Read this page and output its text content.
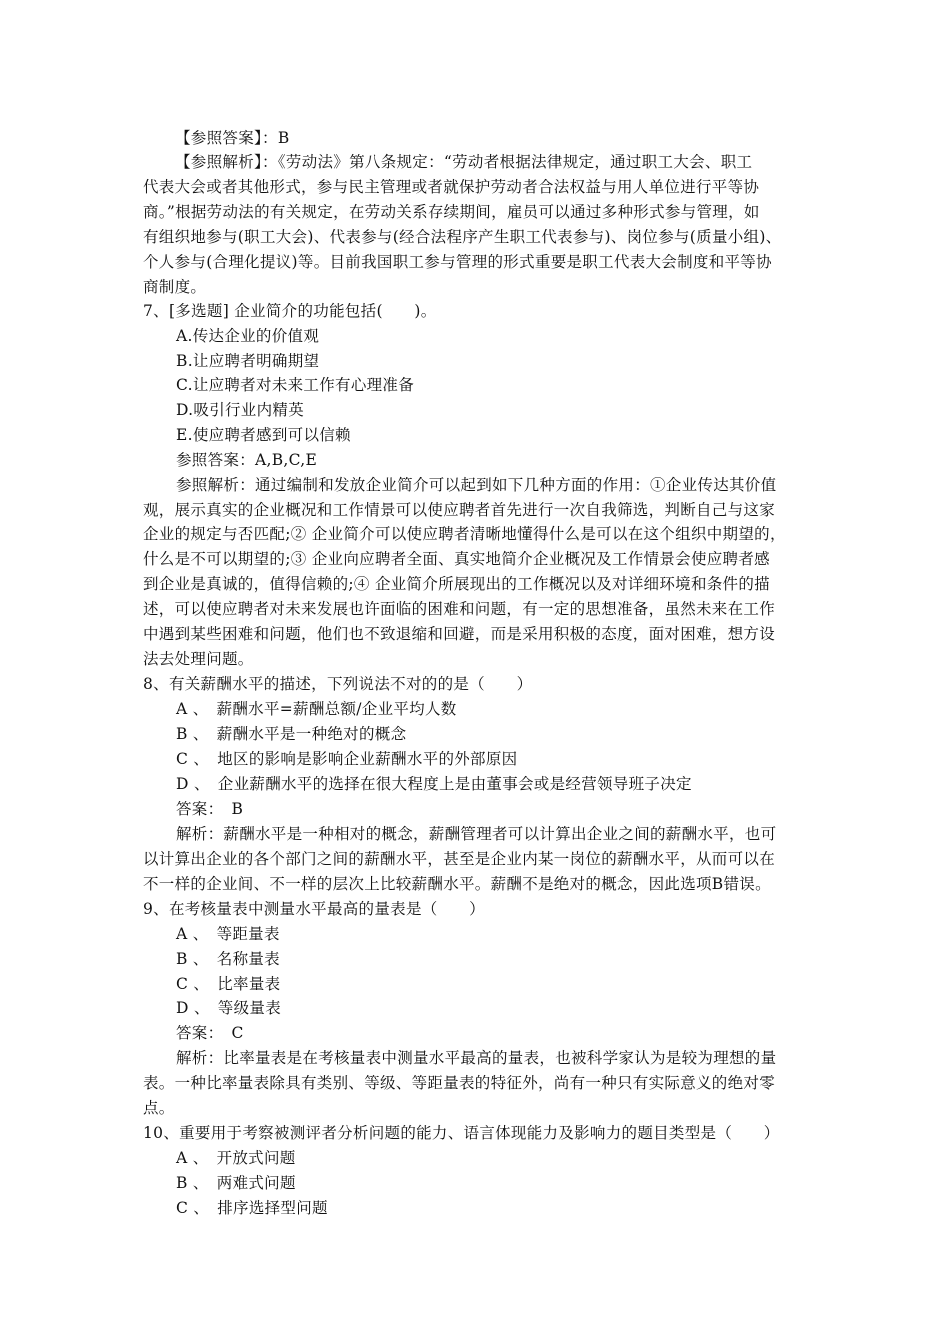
【参照答案】：B
【参照解析】：《劳动法》第八条规定：“劳动者根据法律规定，通过职工大会、职工
代表大会或者其他形式，参与民主管理或者就保护劳动者合法权益与用人单位进行平等协
商。”根据劳动法的有关规定，在劳动关系存续期间，雇员可以通过多种形式参与管理，如
有组织地参与(职工大会)、代表参与(经合法程序产生职工代表参与)、岗位参与(质量小组)、
个人参与(合理化提议)等。目前我国职工参与管理的形式重要是职工代表大会制度和平等协
商制度。
7、[多选题] 企业简介的功能包括(　　)。
A.传达企业的价值观
B.让应聘者明确期望
C.让应聘者对未来工作有心理准备
D.吸引行业内精英
E.使应聘者感到可以信赖
参照答案：A,B,C,E
参照解析：通过编制和发放企业简介可以起到如下几种方面的作用：①企业传达其价值
观，展示真实的企业概况和工作情景可以使应聘者首先进行一次自我筛选，判断自己与这家
企业的规定与否匹配;② 企业简介可以使应聘者清晰地懂得什么是可以在这个组织中期望的，
什么是不可以期望的;③ 企业向应聘者全面、真实地简介企业概况及工作情景会使应聘者感
到企业是真诚的，值得信赖的;④ 企业简介所展现出的工作概况以及对详细环境和条件的描
述，可以使应聘者对未来发展也许面临的困难和问题，有一定的思想准备，虽然未来在工作
中遇到某些困难和问题，他们也不致退缩和回避，而是采用积极的态度，面对困难，想方设
法去处理问题。
8、有关薪酬水平的描述，下列说法不对的的是（　　）
A 、　薪酬水平=薪酬总额/企业平均人数
B 、　薪酬水平是一种绝对的概念
C 、　地区的影响是影响企业薪酬水平的外部原因
D 、　企业薪酬水平的选择在很大程度上是由董事会或是经营领导班子决定
答案：　B
解析：薪酬水平是一种相对的概念，薪酬管理者可以计算出企业之间的薪酬水平，也可
以计算出企业的各个部门之间的薪酬水平，甚至是企业内某一岗位的薪酬水平，从而可以在
不一样的企业间、不一样的层次上比较薪酬水平。薪酬不是绝对的概念，因此选项B错误。
9、在考核量表中测量水平最高的量表是（　　）
A 、　等距量表
B 、　名称量表
C 、　比率量表
D 、　等级量表
答案：　C
解析：比率量表是在考核量表中测量水平最高的量表，也被科学家认为是较为理想的量
表。一种比率量表除具有类别、等级、等距量表的特征外，尚有一种只有实际意义的绝对零
点。
10、重要用于考察被测评者分析问题的能力、语言体现能力及影响力的题目类型是（　　）
A 、　开放式问题
B 、　两难式问题
C 、　排序选择型问题
